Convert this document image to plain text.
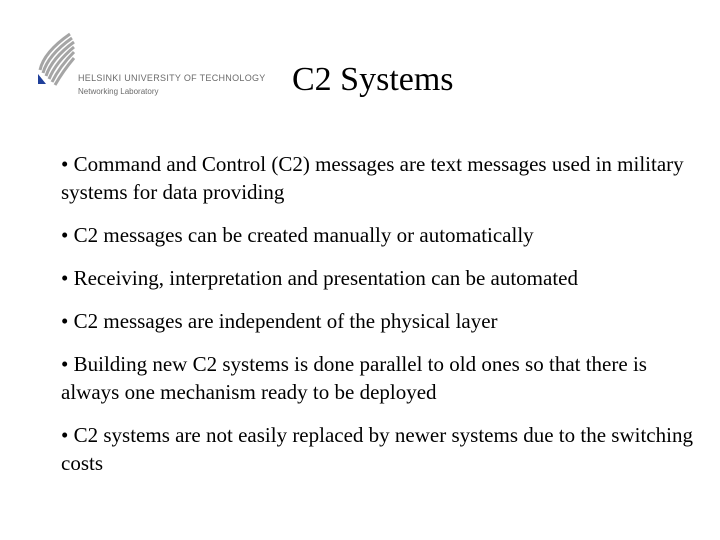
HELSINKI UNIVERSITY OF TECHNOLOGY
Networking Laboratory	C2 Systems
• Command and Control (C2) messages are text messages used in military systems for data providing
• C2 messages can be created manually or automatically
• Receiving, interpretation and presentation can be automated
• C2 messages are independent of the physical layer
• Building new C2 systems is done parallel to old ones so that there is always one mechanism ready to be deployed
• C2 systems are not easily replaced by newer systems due to the switching costs
